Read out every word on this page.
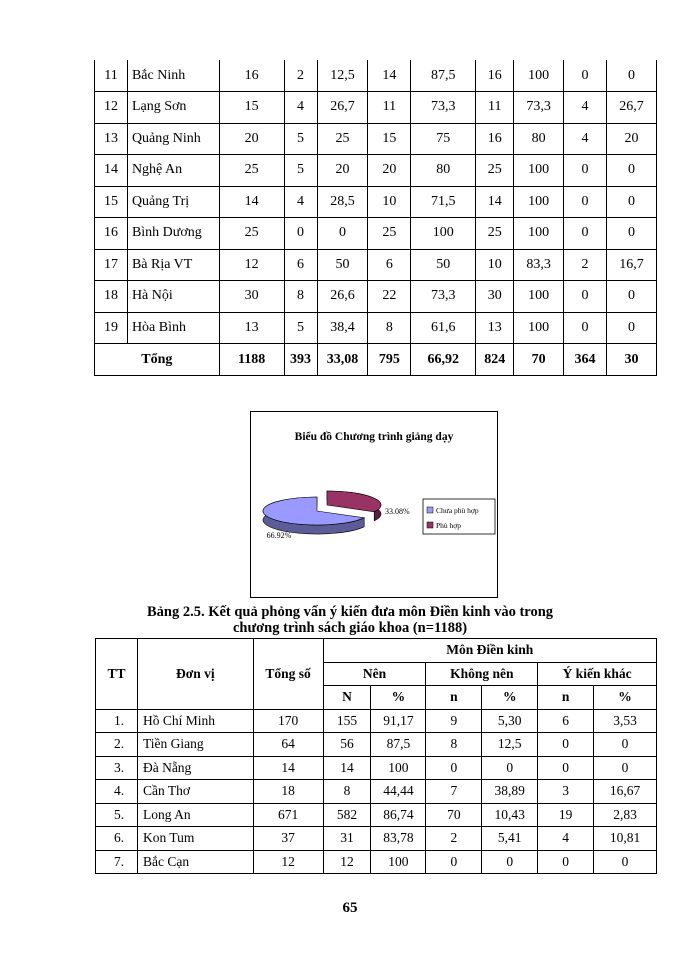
11	Bắc Ninh	16	2	12,5	14	87,5	16	100	0	0
12	Lạng Sơn	15	4	26,7	11	73,3	11	73,3	4	26,7
13	Quảng Ninh	20	5	25	15	75	16	80	4	20
14	Nghệ An	25	5	20	20	80	25	100	0	0
15	Quảng Trị	14	4	28,5	10	71,5	14	100	0	0
16	Bình Dương	25	0	0	25	100	25	100	0	0
17	Bà Rịa VT	12	6	50	6	50	10	83,3	2	16,7
18	Hà Nội	30	8	26,6	22	73,3	30	100	0	0
19	Hòa Bình	13	5	38,4	8	61,6	13	100	0	0
Tổng		1188	393	33,08	795	66,92	824	70	364	30
Biểu đồ Chương trình giảng dạy
66.92%
33.08%	Chưa phù hợp
Phù hợp
Bảng 2.5. Kết quả phỏng vấn ý kiến đưa môn Điền kinh vào trong
chương trình sách giáo khoa (n=1188)
TT	Đơn vị	Tổng số	Môn Điền kinh					
			Nên		Không nên		Ý kiến khác	
			N	%	n	%	n	%
1.	Hồ Chí Minh	170	155	91,17	9	5,30	6	3,53
2.	Tiền Giang	64	56	87,5	8	12,5	0	0
3.	Đà Nẵng	14	14	100	0	0	0	0
4.	Cần Thơ	18	8	44,44	7	38,89	3	16,67
5.	Long An	671	582	86,74	70	10,43	19	2,83
6.	Kon Tum	37	31	83,78	2	5,41	4	10,81
7.	Bắc Cạn	12	12	100	0	0	0	0
65
